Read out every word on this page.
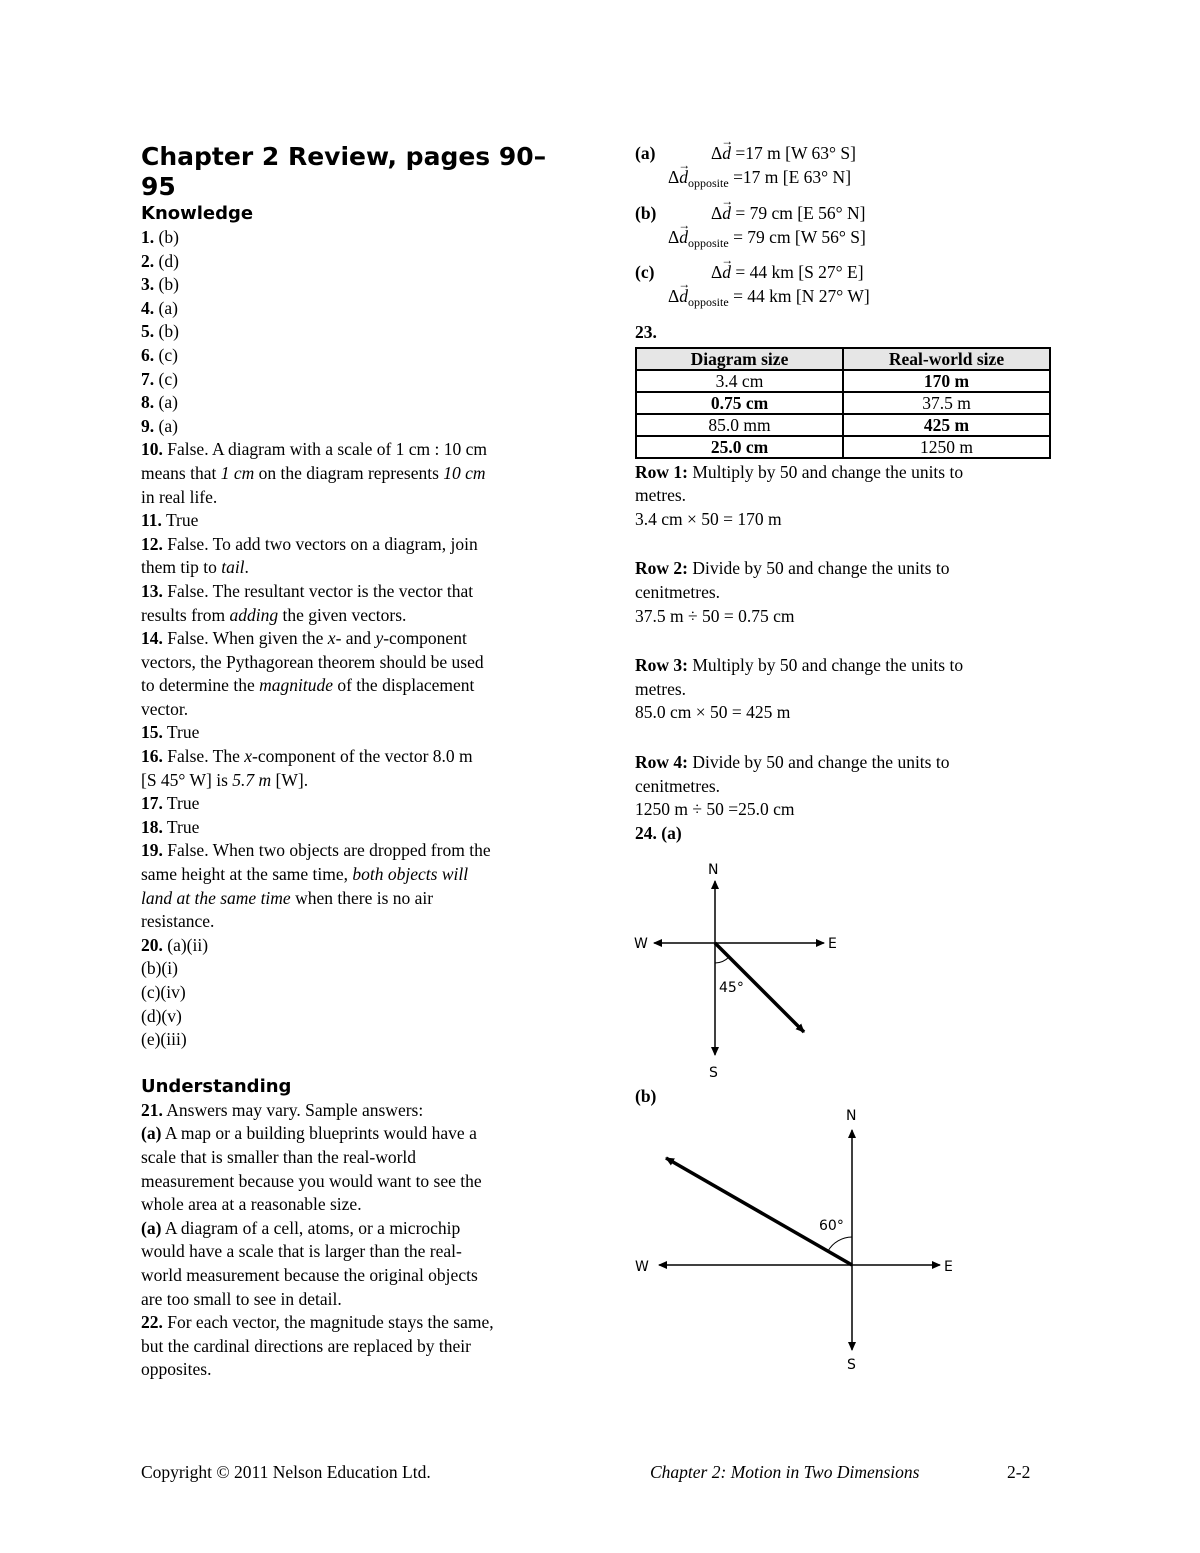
Chapter 2 Review, pages 90–95
Knowledge
1. (b)
2. (d)
3. (b)
4. (a)
5. (b)
6. (c)
7. (c)
8. (a)
9. (a)
10. False. A diagram with a scale of 1 cm : 10 cm
means that 1 cm on the diagram represents 10 cm
in real life.
11. True
12. False. To add two vectors on a diagram, join
them tip to tail.
13. False. The resultant vector is the vector that
results from adding the given vectors.
14. False. When given the x- and y-component
vectors, the Pythagorean theorem should be used
to determine the magnitude of the displacement
vector.
15. True
16. False. The x-component of the vector 8.0 m
[S 45° W] is 5.7 m [W].
17. True
18. True
19. False. When two objects are dropped from the
same height at the same time, both objects will
land at the same time when there is no air
resistance.
20. (a)(ii)
(b)(i)
(c)(iv)
(d)(v)
(e)(iii)
Understanding
21. Answers may vary. Sample answers:
(a) A map or a building blueprints would have a
scale that is smaller than the real-world
measurement because you would want to see the
whole area at a reasonable size.
(a) A diagram of a cell, atoms, or a microchip
would have a scale that is larger than the real-
world measurement because the original objects
are too small to see in detail.
22. For each vector, the magnitude stays the same,
but the cardinal directions are replaced by their
opposites.
(a)	Δ→ d =17 m [W 63° S]
$\Delta\to d_{opposite} =17$ m [E 63° N]
(b)	Δ→ d = 79 cm [E 56° N]
$\Delta\to d_{opposite} = 79$ cm [W 56° S]
(c)	Δ→ d = 44 km [S 27° E]
$\Delta\to d_{opposite} = 44$ km [N 27° W]
23.
Diagram size	Real-world size
3.4 cm	170 m
0.75 cm	37.5 m
85.0 mm	425 m
25.0 cm	1250 m
Row 1: Multiply by 50 and change the units to
metres.
3.4 cm × 50 = 170 m
Row 2: Divide by 50 and change the units to
cenitmetres.
37.5 m ÷ 50 = 0.75 cm
Row 3: Multiply by 50 and change the units to
metres.
85.0 cm × 50 = 425 m
Row 4: Divide by 50 and change the units to
cenitmetres.
1250 m ÷ 50 =25.0 cm
24. (a)
N
S
E
W
45°
(b)
N
S
E
W
60°
Copyright © 2011 Nelson Education Ltd.	Chapter 2: Motion in Two Dimensions	2-2
